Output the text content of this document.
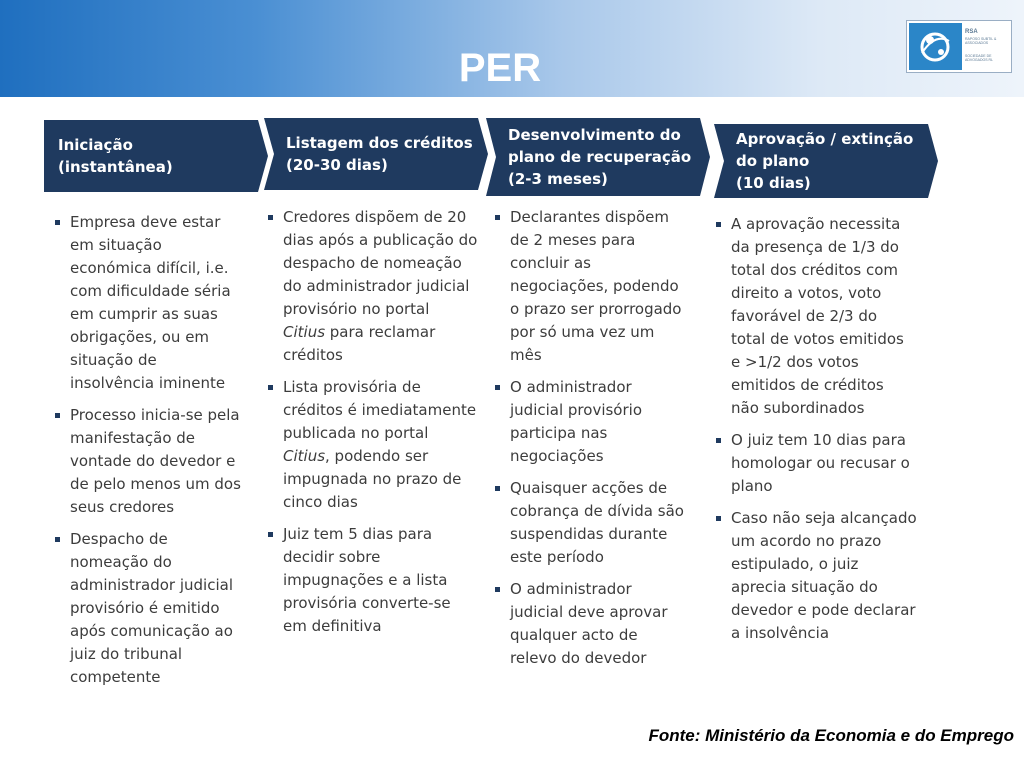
PER
RSA
RAPOSO SUBTIL & ASSOCIADOS
SOCIEDADE DE ADVOGADOS RL
Iniciação
(instantânea)
Listagem dos créditos
(20-30 dias)
Desenvolvimento do
plano de recuperação
(2-3 meses)
Aprovação / extinção
do plano
(10 dias)
Empresa deve estar
em situação
económica difícil, i.e.
com dificuldade séria
em cumprir as suas
obrigações, ou em
situação de
insolvência iminente
Processo inicia-se pela
manifestação de
vontade do devedor e
de pelo menos um dos
seus credores
Despacho de
nomeação do
administrador judicial
provisório é emitido
após comunicação ao
juiz do tribunal
competente
Credores dispõem de 20
dias após a publicação do
despacho de nomeação
do administrador judicial
provisório no portal
Citius para reclamar
créditos
Lista provisória de
créditos é imediatamente
publicada no portal
Citius, podendo ser
impugnada no prazo de
cinco dias
Juiz tem 5 dias para
decidir sobre
impugnações e a lista
provisória converte-se
em definitiva
Declarantes dispõem
de 2 meses para
concluir as
negociações, podendo
o prazo ser prorrogado
por só uma vez um
mês
O administrador
judicial provisório
participa nas
negociações
Quaisquer acções de
cobrança de dívida são
suspendidas durante
este período
O administrador
judicial deve aprovar
qualquer acto de
relevo do devedor
A aprovação necessita
da presença de 1/3 do
total dos créditos com
direito a votos, voto
favorável de 2/3 do
total de votos emitidos
e >1/2 dos votos
emitidos de créditos
não subordinados
O juiz tem 10 dias para
homologar ou recusar o
plano
Caso não seja alcançado
um acordo no prazo
estipulado, o juiz
aprecia situação do
devedor e pode declarar
a insolvência
Fonte: Ministério da Economia e do Emprego
